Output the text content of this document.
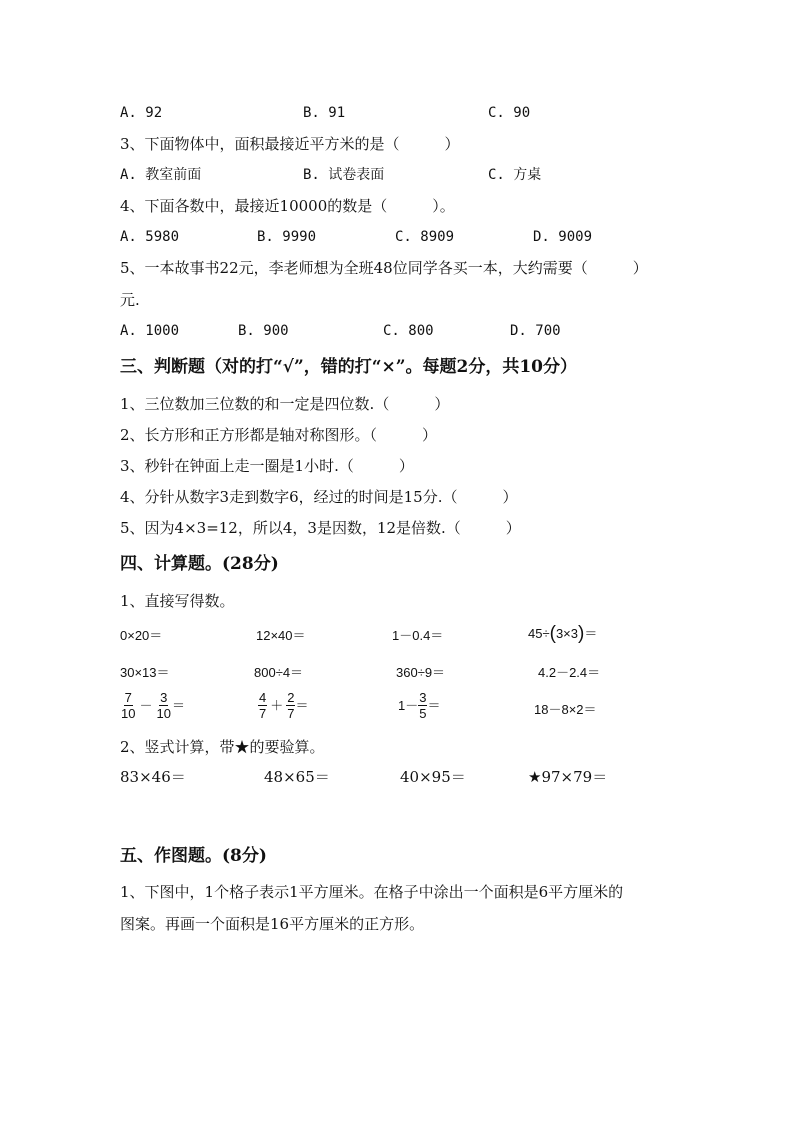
A. 92	B. 91	C. 90
3、下面物体中，面积最接近平方米的是（　　　）
A. 教室前面	B. 试卷表面	C. 方桌
4、下面各数中，最接近10000的数是（　　　）。
A. 5980	B. 9990	C. 8909	D. 9009
5、一本故事书22元，李老师想为全班48位同学各买一本，大约需要（　　　）
元.
A. 1000	B. 900	C. 800	D. 700
三、判断题（对的打“√”，错的打“×”。每题2分，共10分）
1、三位数加三位数的和一定是四位数.（　　　）
2、长方形和正方形都是轴对称图形。（　　　）
3、秒针在钟面上走一圈是1小时.（　　　）
4、分针从数字3走到数字6，经过的时间是15分.（　　　）
5、因为4×3=12，所以4，3是因数，12是倍数.（　　　）
四、计算题。(28分)
1、直接写得数。
0×20＝	12×40＝	1－0.4＝	45÷ ( 3×3 ) ＝
30×13＝	800÷4＝	360÷9＝	4.2－2.4＝
$\frac{7}{10} - \frac{3}{10}$ ＝	$\frac{4}{7} + \frac{2}{7}$ ＝	$1- \frac{3}{5}$ ＝	18－8×2＝
2、竖式计算，带★的要验算。
83×46＝	48×65＝	40×95＝	★97×79＝
五、作图题。(8分)
1、下图中，1个格子表示1平方厘米。在格子中涂出一个面积是6平方厘米的
图案。再画一个面积是16平方厘米的正方形。
